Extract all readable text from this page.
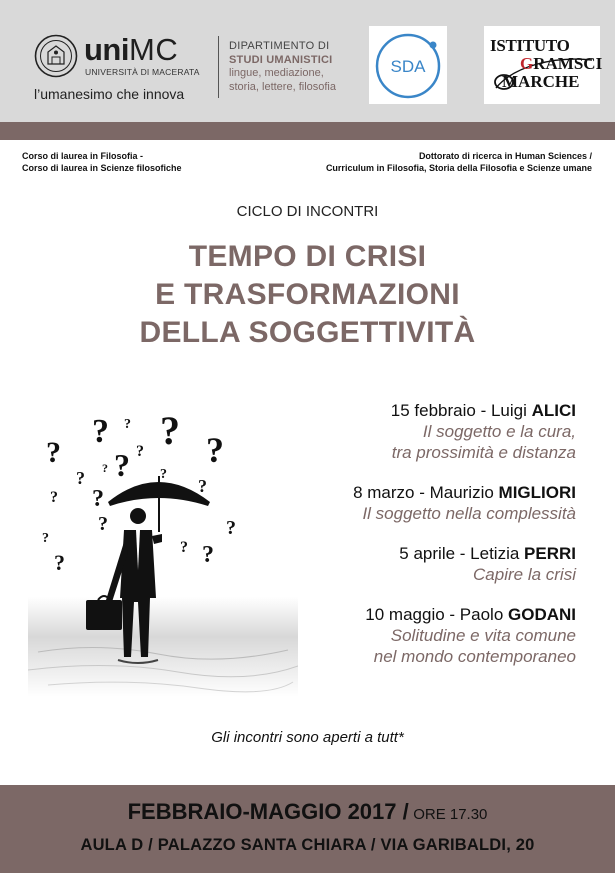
uniMC
UNIVERSITÀ DI MACERATA
l’umanesimo che innova
DIPARTIMENTO DI
STUDI UMANISTICI
lingue, mediazione,
storia, lettere, filosofia
SDA
ISTITUTO
GRAMSCI
MARCHE
Corso di laurea in Filosofia -
Corso di laurea in Scienze filosofiche
Dottorato di ricerca in Human Sciences /
Curriculum in Filosofia, Storia della Filosofia e Scienze umane
CICLO DI INCONTRI
TEMPO DI CRISI
E TRASFORMAZIONI
DELLA SOGGETTIVITÀ
?
? ? ? ?
? ? ?
?	?
? ?	?
?
?
?
?
?
?
15 febbraio - Luigi ALICI
Il soggetto e la cura,
tra prossimità e distanza
8 marzo - Maurizio MIGLIORI
Il soggetto nella complessità
5 aprile - Letizia PERRI
Capire la crisi
10 maggio - Paolo GODANI
Solitudine e vita comune
nel mondo contemporaneo
Gli incontri sono aperti a tutt*
FEBBRAIO-MAGGIO 2017 / ORE 17.30
AULA D / PALAZZO SANTA CHIARA / VIA GARIBALDI, 20
